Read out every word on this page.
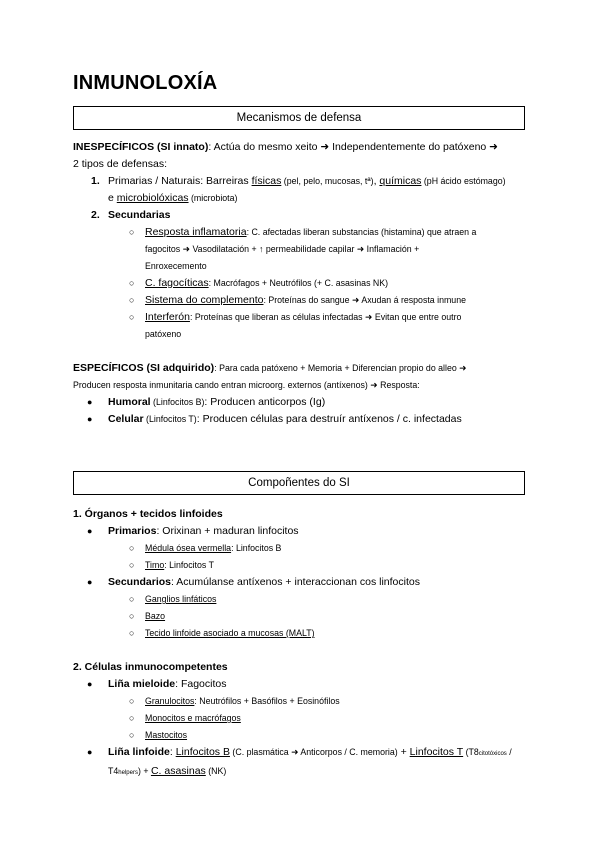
INMUNOLOXÍA
Mecanismos de defensa
INESPECÍFICOS (SI innato): Actúa do mesmo xeito ➜ Independentemente do patóxeno ➜
2 tipos de defensas:
1. Primarias / Naturais: Barreiras físicas (pel, pelo, mucosas, tª), químicas (pH ácido estómago)
e microbiolóxicas (microbiota)
2. Secundarias
○ Resposta inflamatoria: C. afectadas liberan substancias (histamina) que atraen a
fagocitos ➜ Vasodilatación + ↑ permeabilidade capilar ➜ Inflamación +
Enroxecemento
○ C. fagocíticas: Macrófagos + Neutrófilos (+ C. asasinas NK)
○ Sistema do complemento: Proteínas do sangue ➜ Axudan á resposta inmune
○ Interferón: Proteínas que liberan as células infectadas ➜ Evitan que entre outro
patóxeno
ESPECÍFICOS (SI adquirido): Para cada patóxeno + Memoria + Diferencian propio do alleo ➜
Producen resposta inmunitaria cando entran microorg. externos (antíxenos) ➜ Resposta:
● Humoral (Linfocitos B): Producen anticorpos (Ig)
● Celular (Linfocitos T): Producen células para destruír antíxenos / c. infectadas
Compoñentes do SI
1. Órganos + tecidos linfoides
● Primarios: Orixinan + maduran linfocitos
○ Médula ósea vermella: Linfocitos B
○ Timo: Linfocitos T
● Secundarios: Acumúlanse antíxenos + interaccionan cos linfocitos
○ Ganglios linfáticos
○ Bazo
○ Tecido linfoide asociado a mucosas (MALT)
2. Células inmunocompetentes
● Liña mieloide: Fagocitos
○ Granulocitos: Neutrófilos + Basófilos + Eosinófilos
○ Monocitos e macrófagos
○ Mastocitos
● Liña linfoide: Linfocitos B (C. plasmática ➜ Anticorpos / C. memoria) + Linfocitos T (T8citotóxicos /
T4helpers) + C. asasinas (NK)
